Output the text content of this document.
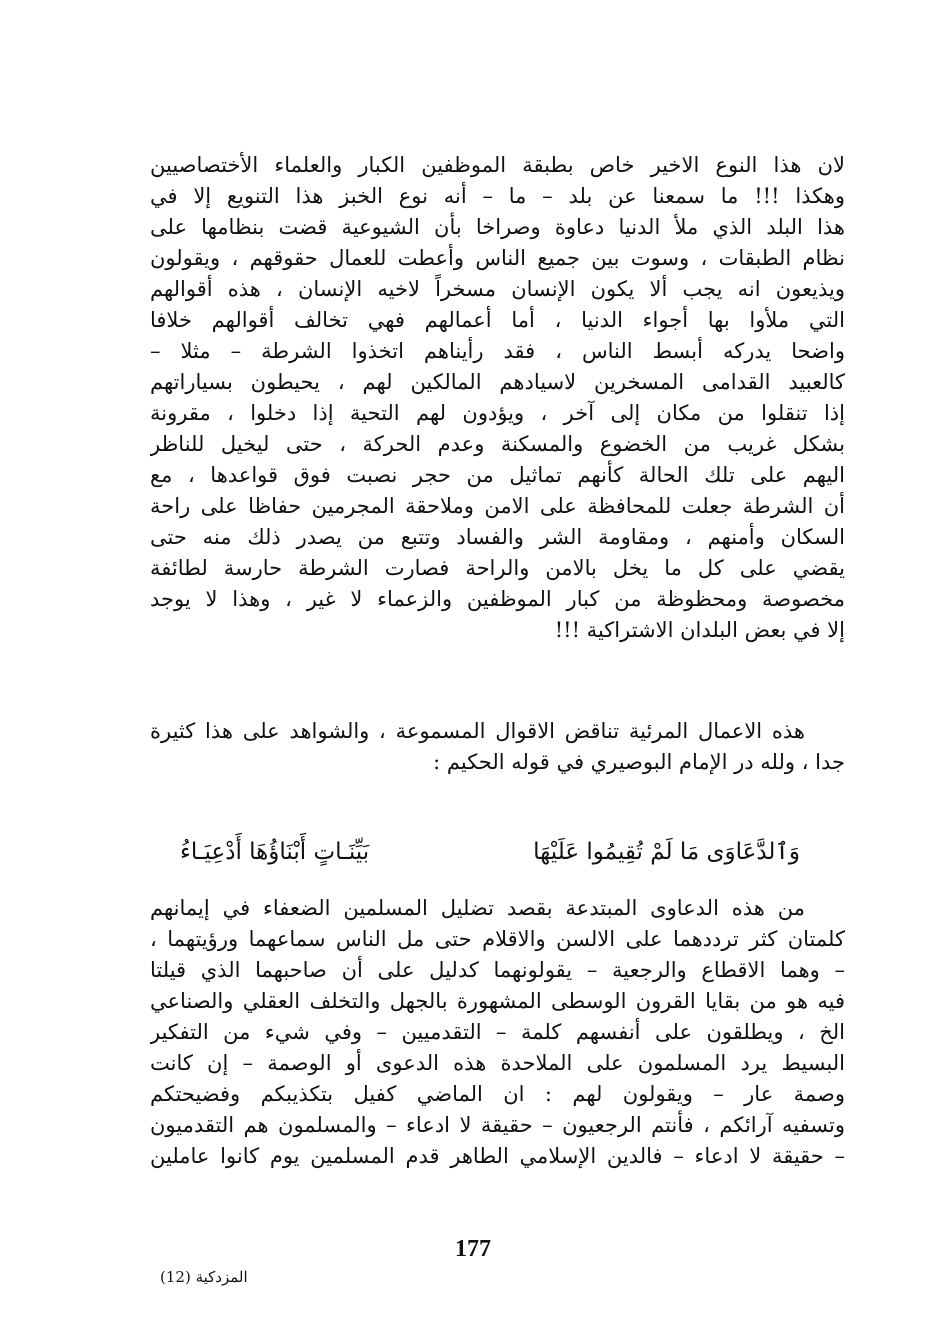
لان هذا النوع الاخير خاص بطبقة الموظفين الكبار والعلماء الأختصاصيين
وهكذا !!! ما سمعنا عن بلد – ما – أنه نوع الخبز هذا التنويع إلا في
هذا البلد الذي ملأ الدنيا دعاوة وصراخا بأن الشيوعية قضت بنظامها على
نظام الطبقات ، وسوت بين جميع الناس وأعطت للعمال حقوقهم ، ويقولون
ويذيعون انه يجب ألا يكون الإنسان مسخراً لاخيه الإنسان ، هذه أقوالهم
التي ملأوا بها أجواء الدنيا ، أما أعمالهم فهي تخالف أقوالهم خلافا
واضحا يدركه أبسط الناس ، فقد رأيناهم اتخذوا الشرطة – مثلا –
كالعبيد القدامى المسخرين لاسيادهم المالكين لهم ، يحيطون بسياراتهم
إذا تنقلوا من مكان إلى آخر ، ويؤدون لهم التحية إذا دخلوا ، مقرونة
بشكل غريب من الخضوع والمسكنة وعدم الحركة ، حتى ليخيل للناظر
اليهم على تلك الحالة كأنهم تماثيل من حجر نصبت فوق قواعدها ، مع
أن الشرطة جعلت للمحافظة على الامن وملاحقة المجرمين حفاظا على راحة
السكان وأمنهم ، ومقاومة الشر والفساد وتتبع من يصدر ذلك منه حتى
يقضي على كل ما يخل بالامن والراحة فصارت الشرطة حارسة لطائفة
مخصوصة ومحظوظة من كبار الموظفين والزعماء لا غير ، وهذا لا يوجد
إلا في بعض البلدان الاشتراكية !!!
هذه الاعمال المرئية تناقض الاقوال المسموعة ، والشواهد على هذا كثيرة
جدا ، ولله در الإمام البوصيري في قوله الحكيم :
وَٱلدَّعَاوَى مَا لَمْ تُقِيمُوا عَلَيْهَا
بَيِّنَـاتٍ أَبْنَاؤُهَا أَدْعِيَـاءُ
من هذه الدعاوى المبتدعة بقصد تضليل المسلمين الضعفاء في إيمانهم
كلمتان كثر ترددهما على الالسن والاقلام حتى مل الناس سماعهما ورؤيتهما ،
– وهما الاقطاع والرجعية – يقولونهما كدليل على أن صاحبهما الذي قيلتا
فيه هو من بقايا القرون الوسطى المشهورة بالجهل والتخلف العقلي والصناعي
الخ ، ويطلقون على أنفسهم كلمة – التقدميين – وفي شيء من التفكير
البسيط يرد المسلمون على الملاحدة هذه الدعوى أو الوصمة – إن كانت
وصمة عار – ويقولون لهم : ان الماضي كفيل بتكذيبكم وفضيحتكم
وتسفيه آرائكم ، فأنتم الرجعيون – حقيقة لا ادعاء – والمسلمون هم التقدميون
– حقيقة لا ادعاء – فالدين الإسلامي الطاهر قدم المسلمين يوم كانوا عاملين
177
المزدكية (12)
